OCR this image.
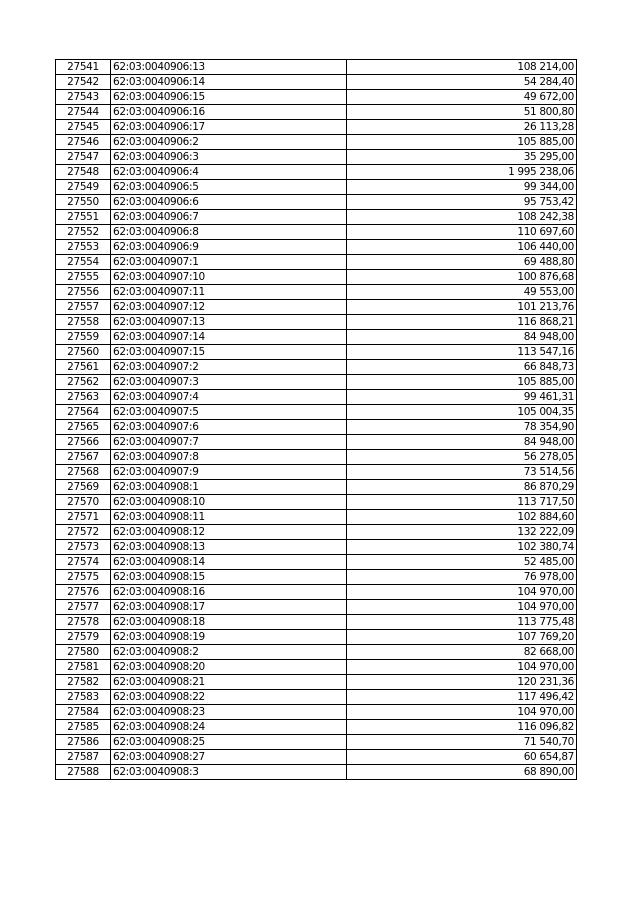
27541	62:03:0040906:13	108 214,00
27542	62:03:0040906:14	54 284,40
27543	62:03:0040906:15	49 672,00
27544	62:03:0040906:16	51 800,80
27545	62:03:0040906:17	26 113,28
27546	62:03:0040906:2	105 885,00
27547	62:03:0040906:3	35 295,00
27548	62:03:0040906:4	1 995 238,06
27549	62:03:0040906:5	99 344,00
27550	62:03:0040906:6	95 753,42
27551	62:03:0040906:7	108 242,38
27552	62:03:0040906:8	110 697,60
27553	62:03:0040906:9	106 440,00
27554	62:03:0040907:1	69 488,80
27555	62:03:0040907:10	100 876,68
27556	62:03:0040907:11	49 553,00
27557	62:03:0040907:12	101 213,76
27558	62:03:0040907:13	116 868,21
27559	62:03:0040907:14	84 948,00
27560	62:03:0040907:15	113 547,16
27561	62:03:0040907:2	66 848,73
27562	62:03:0040907:3	105 885,00
27563	62:03:0040907:4	99 461,31
27564	62:03:0040907:5	105 004,35
27565	62:03:0040907:6	78 354,90
27566	62:03:0040907:7	84 948,00
27567	62:03:0040907:8	56 278,05
27568	62:03:0040907:9	73 514,56
27569	62:03:0040908:1	86 870,29
27570	62:03:0040908:10	113 717,50
27571	62:03:0040908:11	102 884,60
27572	62:03:0040908:12	132 222,09
27573	62:03:0040908:13	102 380,74
27574	62:03:0040908:14	52 485,00
27575	62:03:0040908:15	76 978,00
27576	62:03:0040908:16	104 970,00
27577	62:03:0040908:17	104 970,00
27578	62:03:0040908:18	113 775,48
27579	62:03:0040908:19	107 769,20
27580	62:03:0040908:2	82 668,00
27581	62:03:0040908:20	104 970,00
27582	62:03:0040908:21	120 231,36
27583	62:03:0040908:22	117 496,42
27584	62:03:0040908:23	104 970,00
27585	62:03:0040908:24	116 096,82
27586	62:03:0040908:25	71 540,70
27587	62:03:0040908:27	60 654,87
27588	62:03:0040908:3	68 890,00
